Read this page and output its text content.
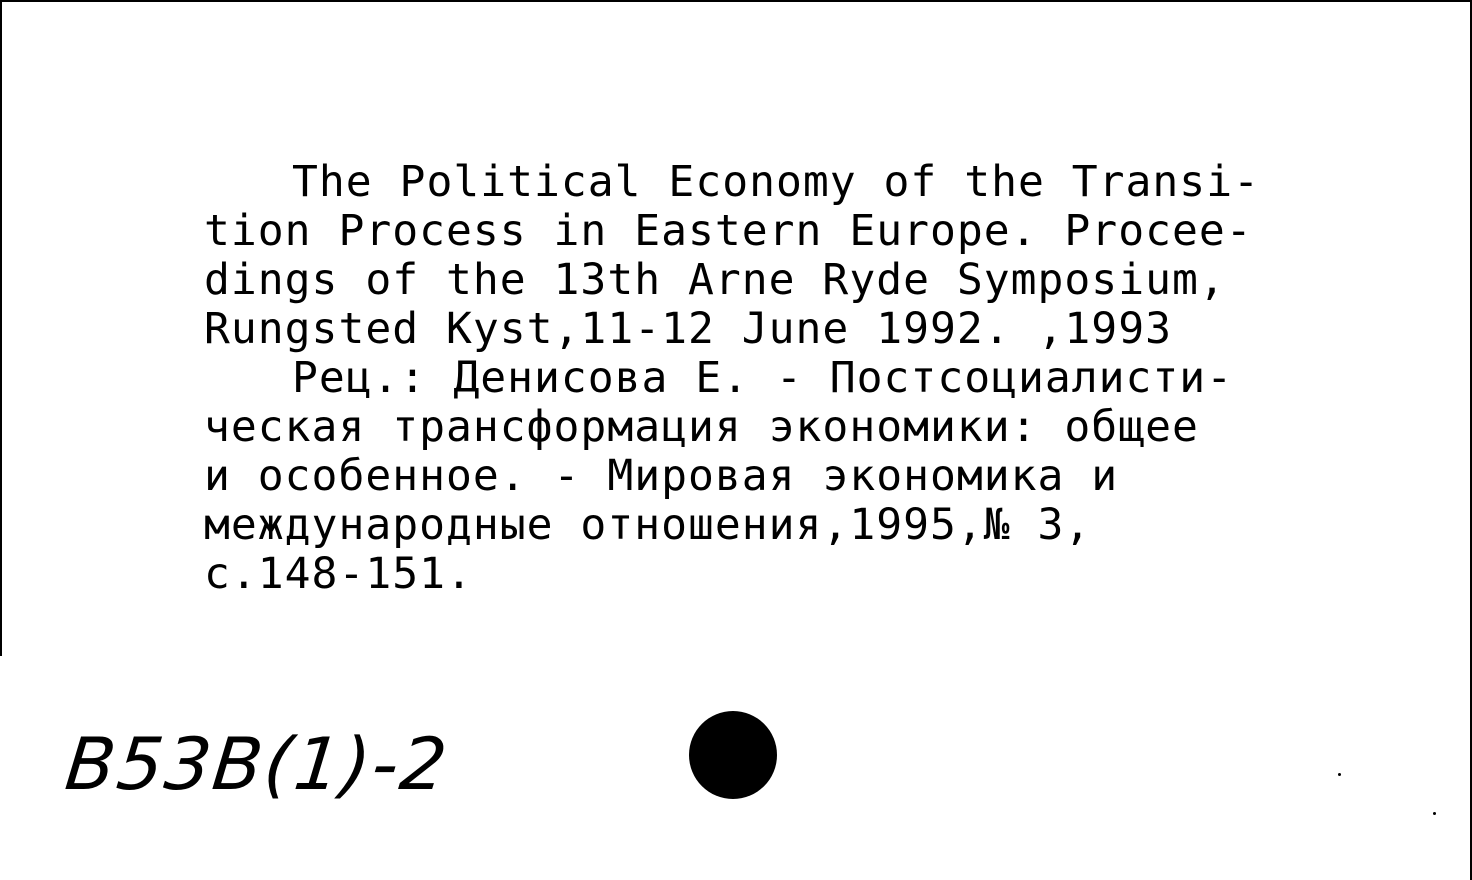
The Political Economy of the Transi-
tion Process in Eastern Europe. Procee-
dings of the 13th Arne Ryde Symposium,
Rungsted Kyst,11-12 June 1992. ,1993
Рец.: Денисова Е. - Постсоциалисти-
ческая трансформация экономики: общее
и особенное. - Мировая экономика и
международные отношения,1995,№ 3,
с.148-151.
B53B(1)-2
